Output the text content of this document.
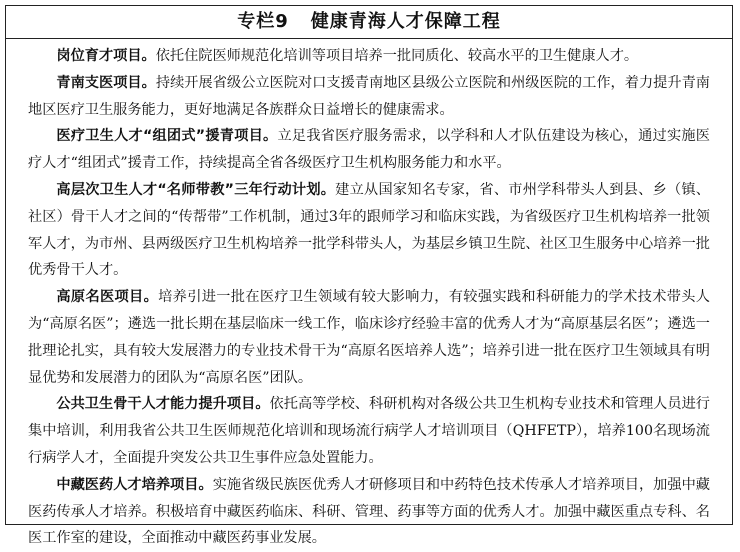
专栏9 健康青海人才保障工程

岗位育才项目。依托住院医师规范化培训等项目培养一批同质化、较高水平的卫生健康人才。

青南支医项目。持续开展省级公立医院对口支援青南地区县级公立医院和州级医院的工作，着力提升青南地区医疗卫生服务能力，更好地满足各族群众日益增长的健康需求。

医疗卫生人才“组团式”援青项目。立足我省医疗服务需求，以学科和人才队伍建设为核心，通过实施医疗人才“组团式”援青工作，持续提高全省各级医疗卫生机构服务能力和水平。

高层次卫生人才“名师带教”三年行动计划。建立从国家知名专家，省、市州学科带头人到县、乡（镇、社区）骨干人才之间的“传帮带”工作机制，通过3年的跟师学习和临床实践，为省级医疗卫生机构培养一批领军人才，为市州、县两级医疗卫生机构培养一批学科带头人，为基层乡镇卫生院、社区卫生服务中心培养一批优秀骨干人才。

高原名医项目。培养引进一批在医疗卫生领域有较大影响力，有较强实践和科研能力的学术技术带头人为“高原名医”；遴选一批长期在基层临床一线工作，临床诊疗经验丰富的优秀人才为“高原基层名医”；遴选一批理论扎实，具有较大发展潜力的专业技术骨干为“高原名医培养人选”；培养引进一批在医疗卫生领域具有明显优势和发展潜力的团队为“高原名医”团队。

公共卫生骨干人才能力提升项目。依托高等学校、科研机构对各级公共卫生机构专业技术和管理人员进行集中培训，利用我省公共卫生医师规范化培训和现场流行病学人才培训项目（QHFETP），培养100名现场流行病学人才，全面提升突发公共卫生事件应急处置能力。

中藏医药人才培养项目。实施省级民族医优秀人才研修项目和中药特色技术传承人才培养项目，加强中藏医药传承人才培养。积极培育中藏医药临床、科研、管理、药事等方面的优秀人才。加强中藏医重点专科、名医工作室的建设，全面推动中藏医药事业发展。
